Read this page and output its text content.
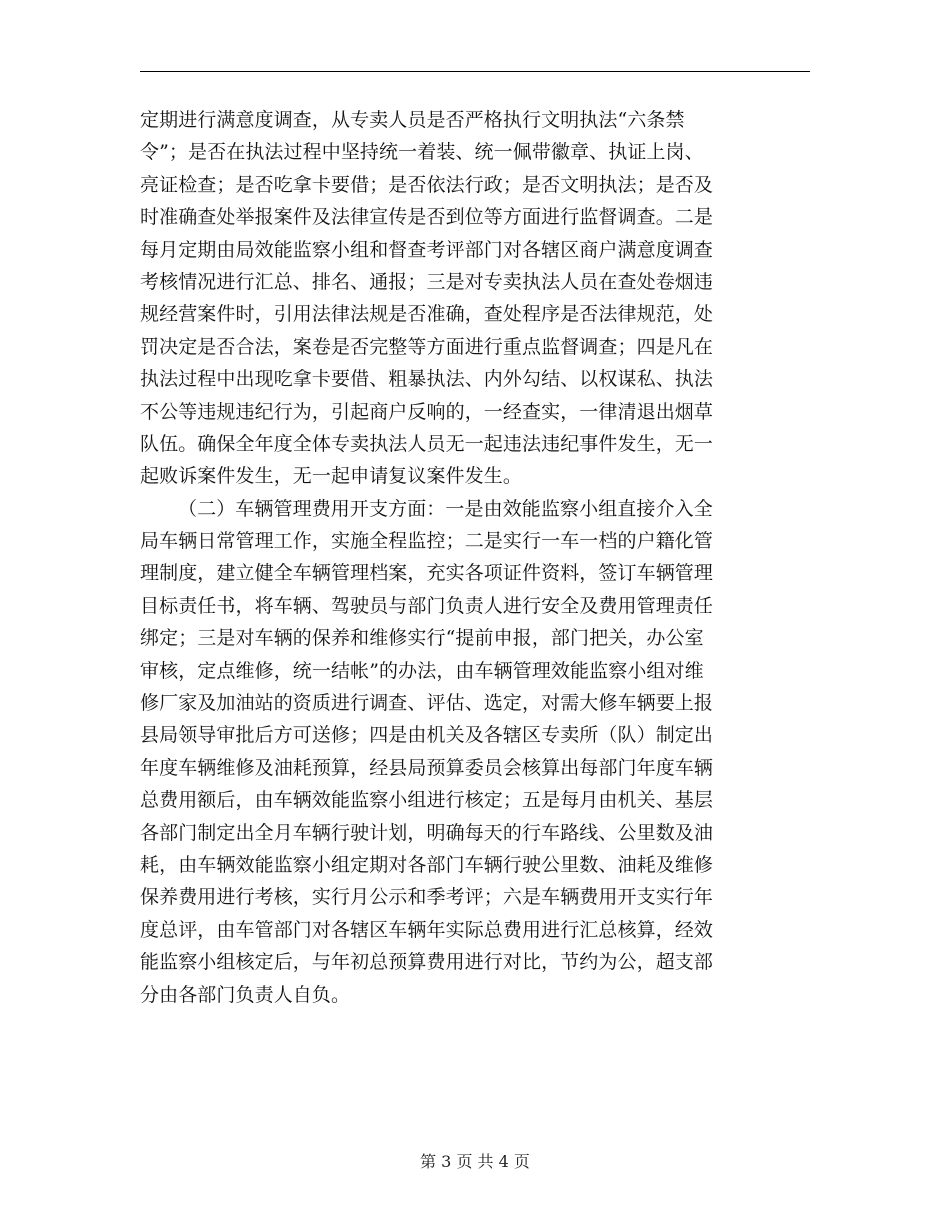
定期进行满意度调查，从专卖人员是否严格执行文明执法“六条禁
令”；是否在执法过程中坚持统一着装、统一佩带徽章、执证上岗、
亮证检查；是否吃拿卡要借；是否依法行政；是否文明执法；是否及
时准确查处举报案件及法律宣传是否到位等方面进行监督调查。二是
每月定期由局效能监察小组和督查考评部门对各辖区商户满意度调查
考核情况进行汇总、排名、通报；三是对专卖执法人员在查处卷烟违
规经营案件时，引用法律法规是否准确，查处程序是否法律规范，处
罚决定是否合法，案卷是否完整等方面进行重点监督调查；四是凡在
执法过程中出现吃拿卡要借、粗暴执法、内外勾结、以权谋私、执法
不公等违规违纪行为，引起商户反响的，一经查实，一律清退出烟草
队伍。确保全年度全体专卖执法人员无一起违法违纪事件发生，无一
起败诉案件发生，无一起申请复议案件发生。
（二）车辆管理费用开支方面：一是由效能监察小组直接介入全
局车辆日常管理工作，实施全程监控；二是实行一车一档的户籍化管
理制度，建立健全车辆管理档案，充实各项证件资料，签订车辆管理
目标责任书，将车辆、驾驶员与部门负责人进行安全及费用管理责任
绑定；三是对车辆的保养和维修实行“提前申报，部门把关，办公室
审核，定点维修，统一结帐”的办法，由车辆管理效能监察小组对维
修厂家及加油站的资质进行调查、评估、选定，对需大修车辆要上报
县局领导审批后方可送修；四是由机关及各辖区专卖所（队）制定出
年度车辆维修及油耗预算，经县局预算委员会核算出每部门年度车辆
总费用额后，由车辆效能监察小组进行核定；五是每月由机关、基层
各部门制定出全月车辆行驶计划，明确每天的行车路线、公里数及油
耗，由车辆效能监察小组定期对各部门车辆行驶公里数、油耗及维修
保养费用进行考核，实行月公示和季考评；六是车辆费用开支实行年
度总评，由车管部门对各辖区车辆年实际总费用进行汇总核算，经效
能监察小组核定后，与年初总预算费用进行对比，节约为公，超支部
分由各部门负责人自负。
第 3 页 共 4 页
